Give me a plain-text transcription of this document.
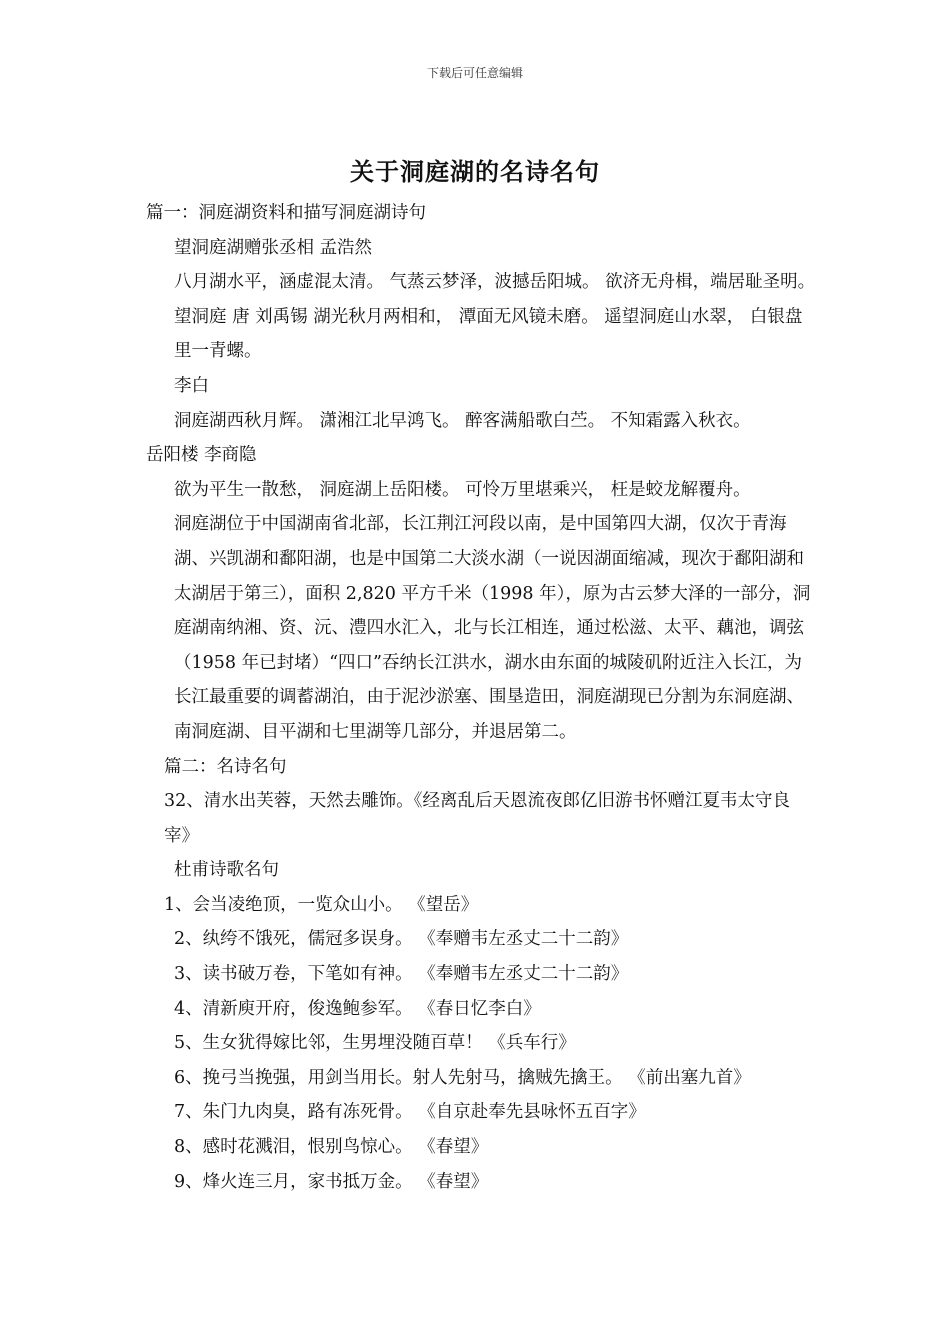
下载后可任意编辑
关于洞庭湖的名诗名句

篇一：洞庭湖资料和描写洞庭湖诗句

望洞庭湖赠张丞相 孟浩然

八月湖水平，涵虚混太清。 气蒸云梦泽，波撼岳阳城。 欲济无舟楫，端居耻圣明。 望洞庭 唐 刘禹锡 湖光秋月两相和， 潭面无风镜未磨。 遥望洞庭山水翠， 白银盘里一青螺。

李白

洞庭湖西秋月辉。 潇湘江北早鸿飞。 醉客满船歌白苎。 不知霜露入秋衣。

岳阳楼 李商隐

欲为平生一散愁， 洞庭湖上岳阳楼。 可怜万里堪乘兴， 枉是蛟龙解覆舟。

洞庭湖位于中国湖南省北部，长江荆江河段以南，是中国第四大湖，仅次于青海湖、兴凯湖和鄱阳湖，也是中国第二大淡水湖（一说因湖面缩减，现次于鄱阳湖和太湖居于第三），面积 2,820 平方千米（1998 年），原为古云梦大泽的一部分，洞庭湖南纳湘、资、沅、澧四水汇入，北与长江相连，通过松滋、太平、藕池，调弦（1958 年已封堵）“四口”吞纳长江洪水，湖水由东面的城陵矶附近注入长江，为长江最重要的调蓄湖泊，由于泥沙淤塞、围垦造田，洞庭湖现已分割为东洞庭湖、南洞庭湖、目平湖和七里湖等几部分，并退居第二。

篇二：名诗名句

32、清水出芙蓉，天然去雕饰。《经离乱后天恩流夜郎亿旧游书怀赠江夏韦太守良宰》

杜甫诗歌名句

1、会当凌绝顶，一览众山小。 《望岳》

2、纨绔不饿死，儒冠多误身。 《奉赠韦左丞丈二十二韵》

3、读书破万卷，下笔如有神。 《奉赠韦左丞丈二十二韵》

4、清新庾开府，俊逸鲍参军。 《春日忆李白》

5、生女犹得嫁比邻，生男埋没随百草！ 《兵车行》

6、挽弓当挽强，用剑当用长。射人先射马，擒贼先擒王。 《前出塞九首》

7、朱门九肉臭，路有冻死骨。 《自京赴奉先县咏怀五百字》

8、感时花溅泪，恨别鸟惊心。 《春望》

9、烽火连三月，家书抵万金。 《春望》
